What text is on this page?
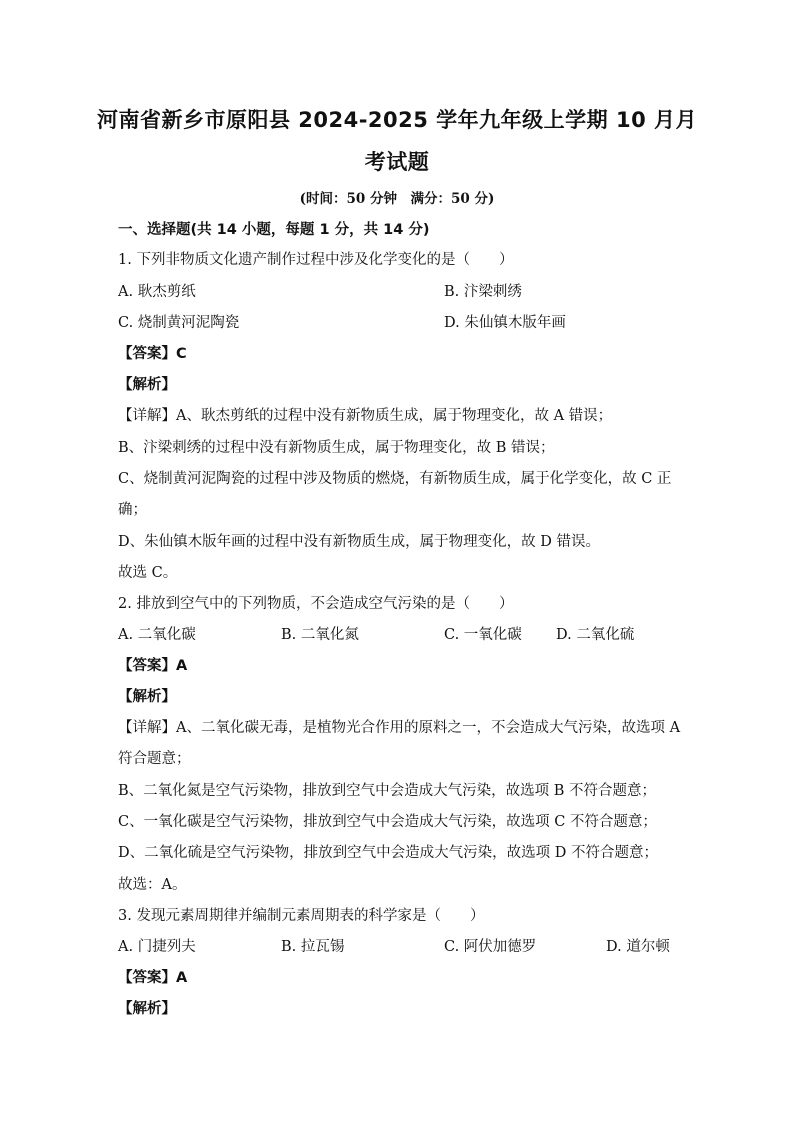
河南省新乡市原阳县 2024-2025 学年九年级上学期 10 月月
考试题
(时间：50 分钟　满分：50 分)
一、选择题(共 14 小题，每题 1 分，共 14 分)
1. 下列非物质文化遗产制作过程中涉及化学变化的是（　　）
A. 耿杰剪纸	B. 汴梁刺绣
C. 烧制黄河泥陶瓷	D. 朱仙镇木版年画
【答案】C
【解析】
【详解】A、耿杰剪纸的过程中没有新物质生成，属于物理变化，故 A 错误；
B、汴梁刺绣的过程中没有新物质生成，属于物理变化，故 B 错误；
C、烧制黄河泥陶瓷的过程中涉及物质的燃烧，有新物质生成，属于化学变化，故 C 正
确；
D、朱仙镇木版年画的过程中没有新物质生成，属于物理变化，故 D 错误。
故选 C。
2. 排放到空气中的下列物质，不会造成空气污染的是（　　）
A. 二氧化碳	B. 二氧化氮	C. 一氧化碳 D. 二氧化硫
【答案】A
【解析】
【详解】A、二氧化碳无毒，是植物光合作用的原料之一，不会造成大气污染，故选项 A
符合题意；
B、二氧化氮是空气污染物，排放到空气中会造成大气污染，故选项 B 不符合题意；
C、一氧化碳是空气污染物，排放到空气中会造成大气污染，故选项 C 不符合题意；
D、二氧化硫是空气污染物，排放到空气中会造成大气污染，故选项 D 不符合题意；
故选：A。
3. 发现元素周期律并编制元素周期表的科学家是（　　）
A. 门捷列夫	B. 拉瓦锡	C. 阿伏加德罗	D. 道尔顿
【答案】A
【解析】
